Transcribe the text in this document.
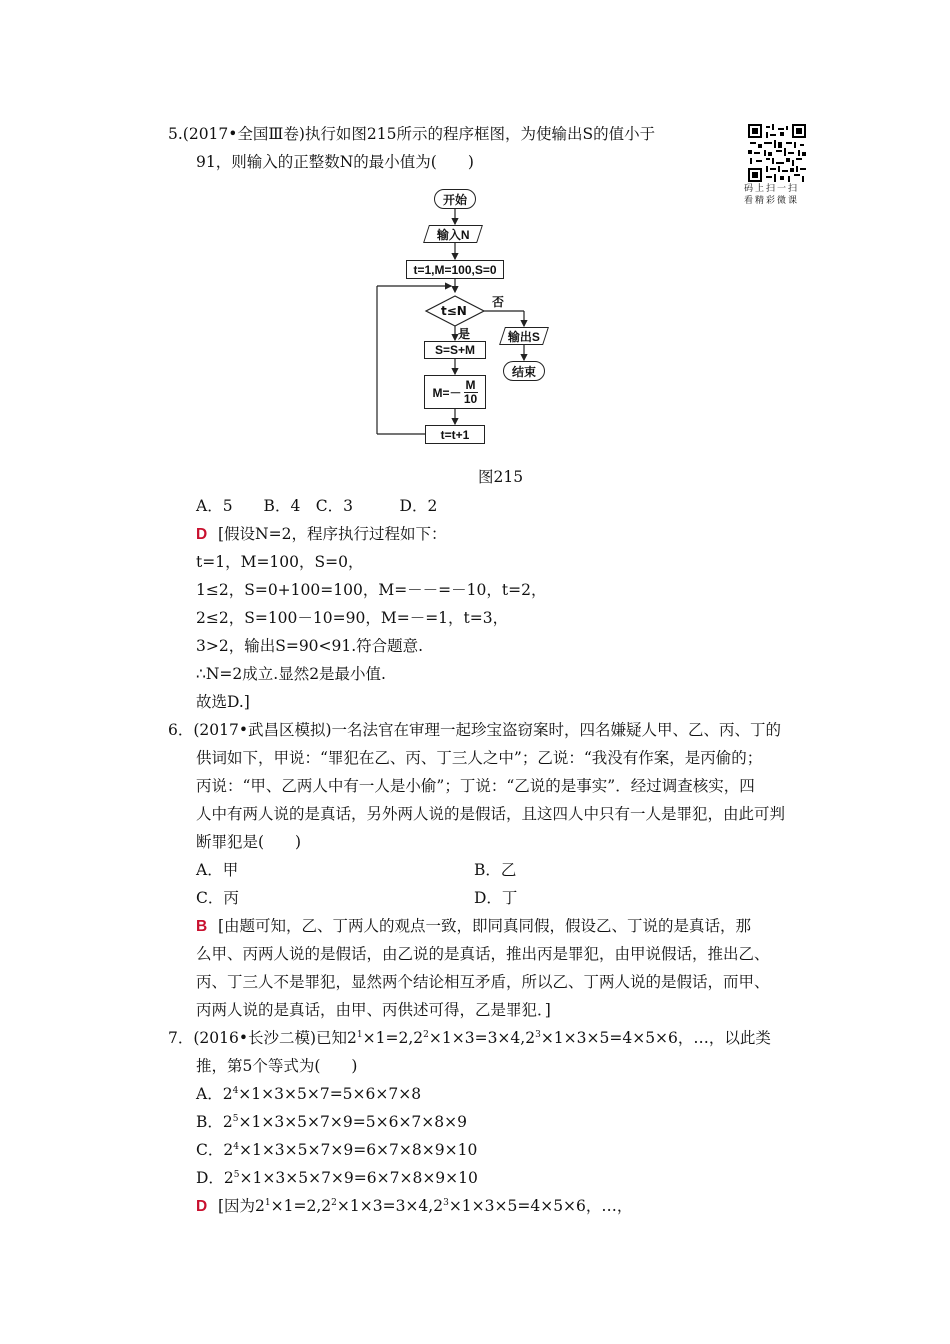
码上扫一扫
看精彩微课
5.(2017•全国Ⅲ卷)执行如图215所示的程序框图，为使输出S的值小于
91，则输入的正整数N的最小值为(　　)
开始
输入N
t=1,M=100,S=0
t≤N
否
是
S=S+M
$M=- \frac{M}{10}$
t=t+1
输出S
结束
图215
A．5　　B．4　C．3　　　D．2
D [假设N=2，程序执行过程如下：
t=1，M=100，S=0，
1≤2，S=0+100=100，M=－－=－10，t=2，
2≤2，S=100－10=90，M=－=1，t=3，
3>2，输出S=90<91.符合题意.
∴N=2成立.显然2是最小值.
故选D.]
6．(2017•武昌区模拟)一名法官在审理一起珍宝盗窃案时，四名嫌疑人甲、乙、丙、丁的
供词如下，甲说：“罪犯在乙、丙、丁三人之中”；乙说：“我没有作案，是丙偷的；
丙说：“甲、乙两人中有一人是小偷”；丁说：“乙说的是事实”．经过调查核实，四
人中有两人说的是真话，另外两人说的是假话，且这四人中只有一人是罪犯，由此可判
断罪犯是(　　)
A．甲	B．乙
C．丙	D．丁
B [由题可知，乙、丁两人的观点一致，即同真同假，假设乙、丁说的是真话，那
么甲、丙两人说的是假话，由乙说的是真话，推出丙是罪犯，由甲说假话，推出乙、
丙、丁三人不是罪犯，显然两个结论相互矛盾，所以乙、丁两人说的是假话，而甲、
丙两人说的是真话，由甲、丙供述可得，乙是罪犯．]
7．(2016•长沙二模)已知$2^1\times 1=2,2^2\times 1\times 3=3\times 4,2^3\times 1\times 3\times 5=4\times 5\times 6$，…，以此类
推，第5个等式为(　　)
A．$2^4\times 1\times 3\times 5\times 7=5\times 6\times 7\times 8$
B．$2^5\times 1\times 3\times 5\times 7\times 9=5\times 6\times 7\times 8\times 9$
C．$2^4\times 1\times 3\times 5\times 7\times 9=6\times 7\times 8\times 9\times 10$
D．$2^5\times 1\times 3\times 5\times 7\times 9=6\times 7\times 8\times 9\times 10$
D [因为$2^1\times 1=2,2^2\times 1\times 3=3\times 4,2^3\times 1\times 3\times 5=4\times 5\times 6$，…，
